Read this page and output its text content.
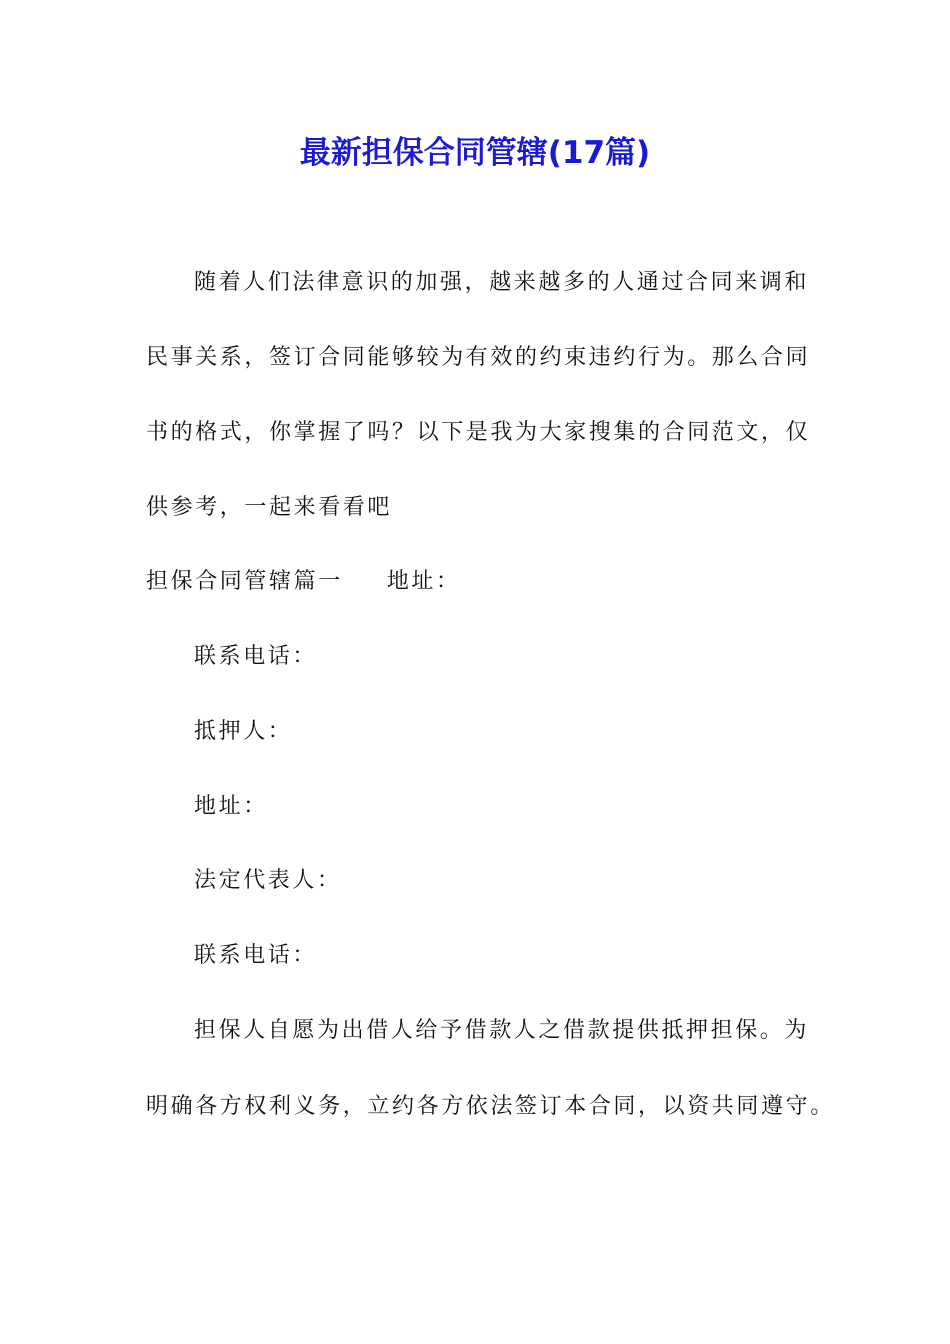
最新担保合同管辖(17篇)

随着人们法律意识的加强，越来越多的人通过合同来调和

民事关系，签订合同能够较为有效的约束违约行为。那么合同

书的格式，你掌握了吗？以下是我为大家搜集的合同范文，仅

供参考，一起来看看吧

担保合同管辖篇一 地址：

联系电话：

抵押人：

地址：

法定代表人：

联系电话：

担保人自愿为出借人给予借款人之借款提供抵押担保。为

明确各方权利义务，立约各方依法签订本合同，以资共同遵守。
